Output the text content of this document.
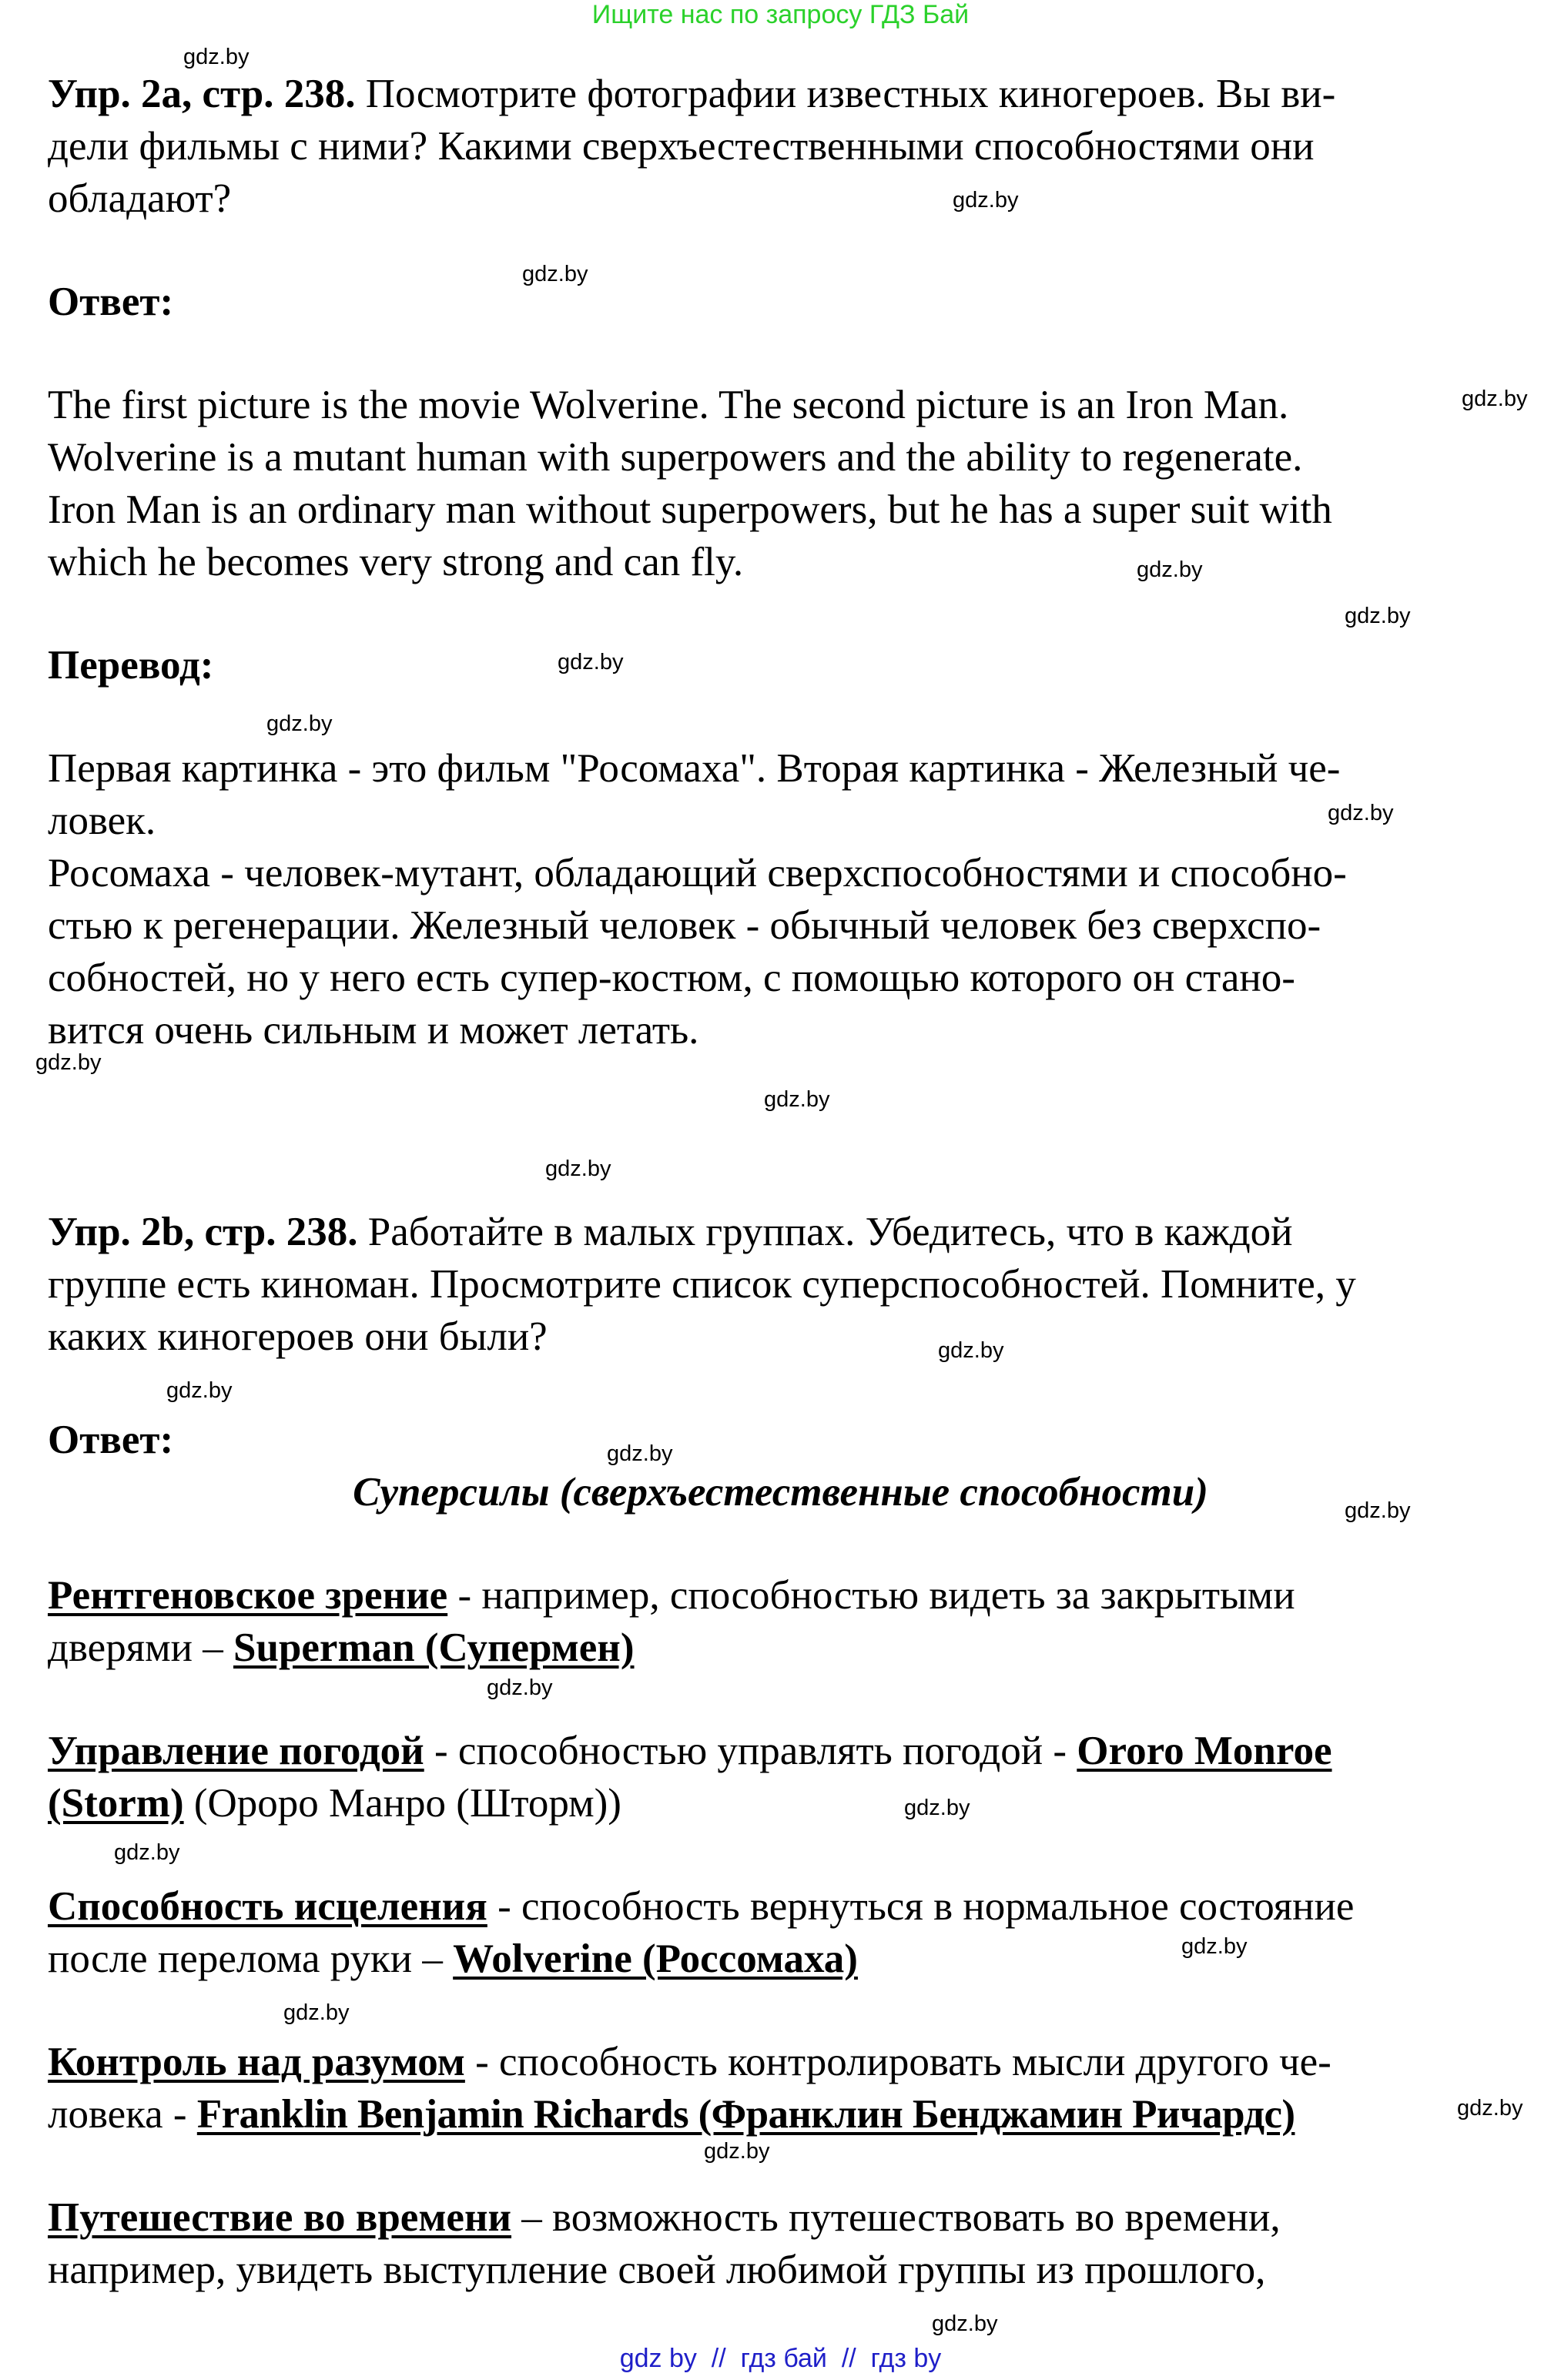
Ищите нас по запросу ГДЗ Бай
gdz.by
gdz.by
gdz.by
gdz.by
gdz.by
gdz.by
gdz.by
gdz.by
gdz.by
gdz.by
gdz.by
gdz.by
gdz.by
gdz.by
gdz.by
gdz.by
gdz.by
gdz.by
gdz.by
gdz.by
gdz.by
gdz.by
gdz.by
gdz.by
Упр. 2a, стр. 238. Посмотрите фотографии известных киногероев. Вы ви-
дели фильмы с ними? Какими сверхъестественными способностями они
обладают?
Ответ:
The first picture is the movie Wolverine. The second picture is an Iron Man.
Wolverine is a mutant human with superpowers and the ability to regenerate.
Iron Man is an ordinary man without superpowers, but he has a super suit with
which he becomes very strong and can fly.
Перевод:
Первая картинка - это фильм "Росомаха". Вторая картинка - Железный че-
ловек.
Росомаха - человек-мутант, обладающий сверхспособностями и способно-
стью к регенерации. Железный человек - обычный человек без сверхспо-
собностей, но у него есть супер-костюм, с помощью которого он стано-
вится очень сильным и может летать.
Упр. 2b, стр. 238. Работайте в малых группах. Убедитесь, что в каждой
группе есть киноман. Просмотрите список суперспособностей. Помните, у
каких киногероев они были?
Ответ:
Суперсилы (сверхъестественные способности)
Рентгеновское зрение - например, способностью видеть за закрытыми
дверями – Superman (Супермен)
Управление погодой - способностью управлять погодой - Ororo Monroe
(Storm) (Ороро Манро (Шторм))
Способность исцеления - способность вернуться в нормальное состояние
после перелома руки – Wolverine (Россомаха)
Контроль над разумом - способность контролировать мысли другого че-
ловека - Franklin Benjamin Richards (Франклин Бенджамин Ричардс)
Путешествие во времени – возможность путешествовать во времени,
например, увидеть выступление своей любимой группы из прошлого,
gdz by  //  гдз бай  //  гдз by
